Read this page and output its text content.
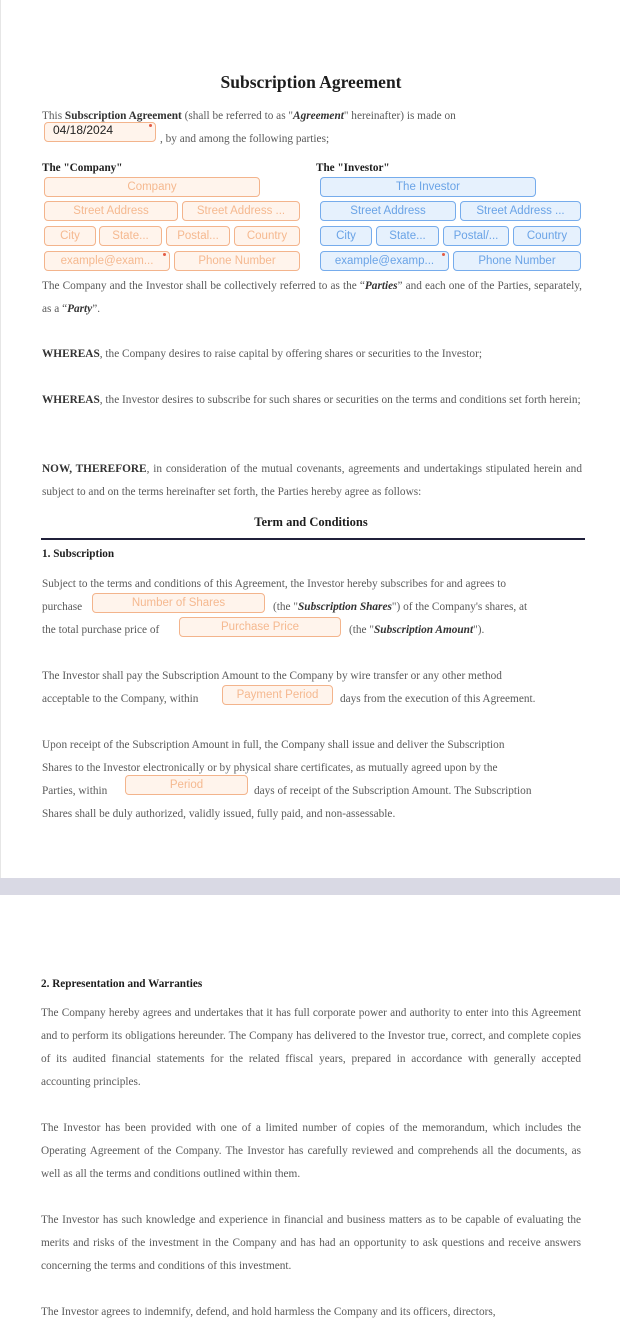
Subscription Agreement
This Subscription Agreement (shall be referred to as "Agreement" hereinafter) is made on
04/18/2024
, by and among the following parties;
The "Company"
Company
Street Address	Street Address ...
City	State...	Postal...	Country
example@exam...	Phone Number
The "Investor"
The Investor
Street Address	Street Address ...
City	State...	Postal/...	Country
example@examp...	Phone Number
The Company and the Investor shall be collectively referred to as the “Parties” and each one of the Parties, separately, as a “Party”.
WHEREAS, the Company desires to raise capital by offering shares or securities to the Investor;
WHEREAS, the Investor desires to subscribe for such shares or securities on the terms and conditions set forth herein;
NOW, THEREFORE, in consideration of the mutual covenants, agreements and undertakings stipulated herein and subject to and on the terms hereinafter set forth, the Parties hereby agree as follows:
Term and Conditions
1. Subscription
Subject to the terms and conditions of this Agreement, the Investor hereby subscribes for and agrees to
purchase	Number of Shares	(the "Subscription Shares") of the Company's shares, at
the total purchase price of	Purchase Price	(the "Subscription Amount").
The Investor shall pay the Subscription Amount to the Company by wire transfer or any other method
acceptable to the Company, within	Payment Period	days from the execution of this Agreement.
Upon receipt of the Subscription Amount in full, the Company shall issue and deliver the Subscription
Shares to the Investor electronically or by physical share certificates, as mutually agreed upon by the
Parties, within	Period	days of receipt of the Subscription Amount. The Subscription
Shares shall be duly authorized, validly issued, fully paid, and non-assessable.
2. Representation and Warranties
The Company hereby agrees and undertakes that it has full corporate power and authority to enter into this Agreement and to perform its obligations hereunder. The Company has delivered to the Investor true, correct, and complete copies of its audited financial statements for the related ffiscal years, prepared in accordance with generally accepted accounting principles.
The Investor has been provided with one of a limited number of copies of the memorandum, which includes the Operating Agreement of the Company. The Investor has carefully reviewed and comprehends all the documents, as well as all the terms and conditions outlined within them.
The Investor has such knowledge and experience in financial and business matters as to be capable of evaluating the merits and risks of the investment in the Company and has had an opportunity to ask questions and receive answers concerning the terms and conditions of this investment.
The Investor agrees to indemnify, defend, and hold harmless the Company and its officers, directors,
